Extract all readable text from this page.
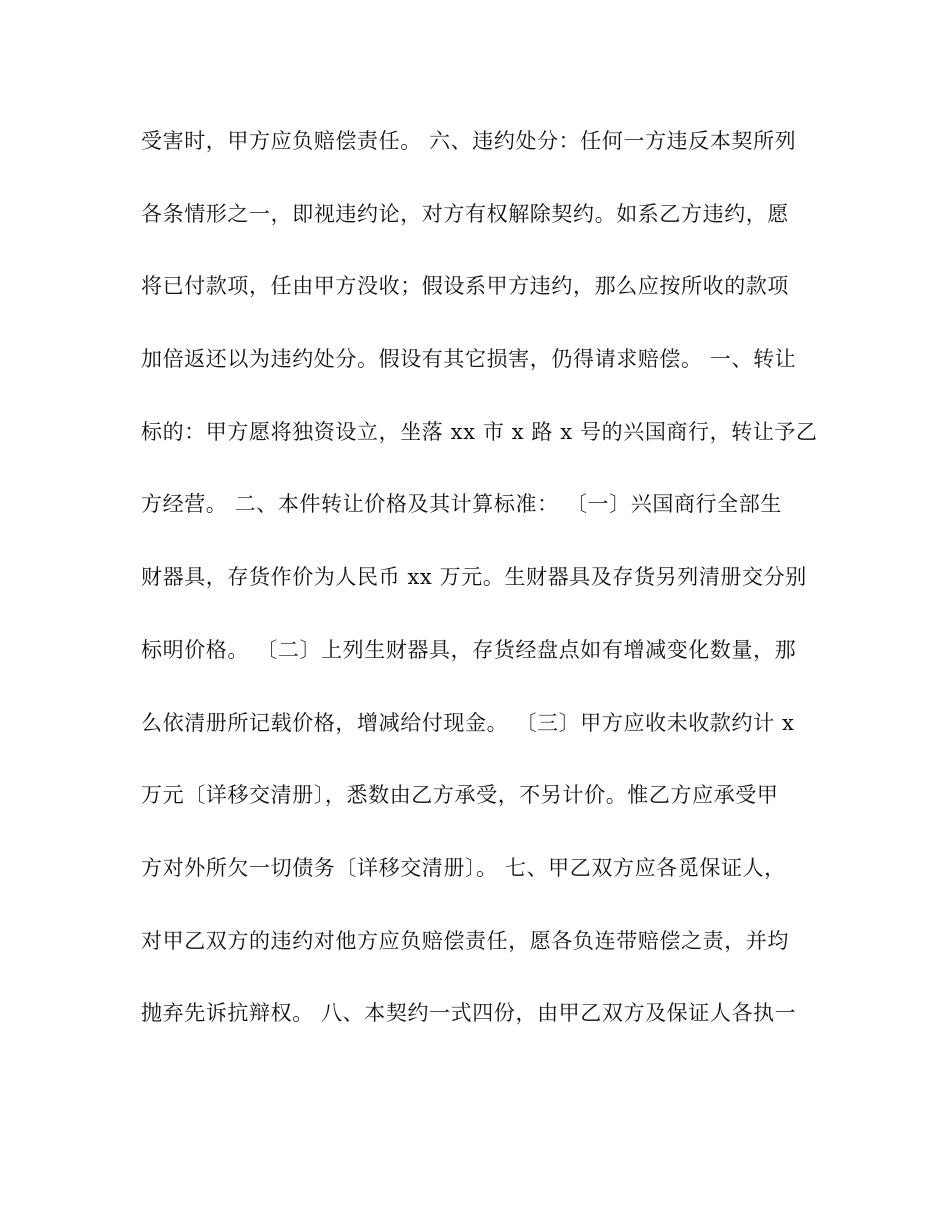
受害时，甲方应负赔偿责任。 六、违约处分：任何一方违反本契所列
各条情形之一，即视违约论，对方有权解除契约。如系乙方违约，愿
将已付款项，任由甲方没收；假设系甲方违约，那么应按所收的款项
加倍返还以为违约处分。假设有其它损害，仍得请求赔偿。 一、转让
标的：甲方愿将独资设立，坐落 xx 市 x 路 x 号的兴国商行，转让予乙
方经营。 二、本件转让价格及其计算标准： 〔一〕兴国商行全部生
财器具，存货作价为人民币 xx 万元。生财器具及存货另列清册交分别
标明价格。 〔二〕上列生财器具，存货经盘点如有增减变化数量，那
么依清册所记载价格，增减给付现金。 〔三〕甲方应收未收款约计 x
万元〔详移交清册〕，悉数由乙方承受，不另计价。惟乙方应承受甲
方对外所欠一切债务〔详移交清册〕。 七、甲乙双方应各觅保证人，
对甲乙双方的违约对他方应负赔偿责任，愿各负连带赔偿之责，并均
抛弃先诉抗辩权。 八、本契约一式四份，由甲乙双方及保证人各执一
